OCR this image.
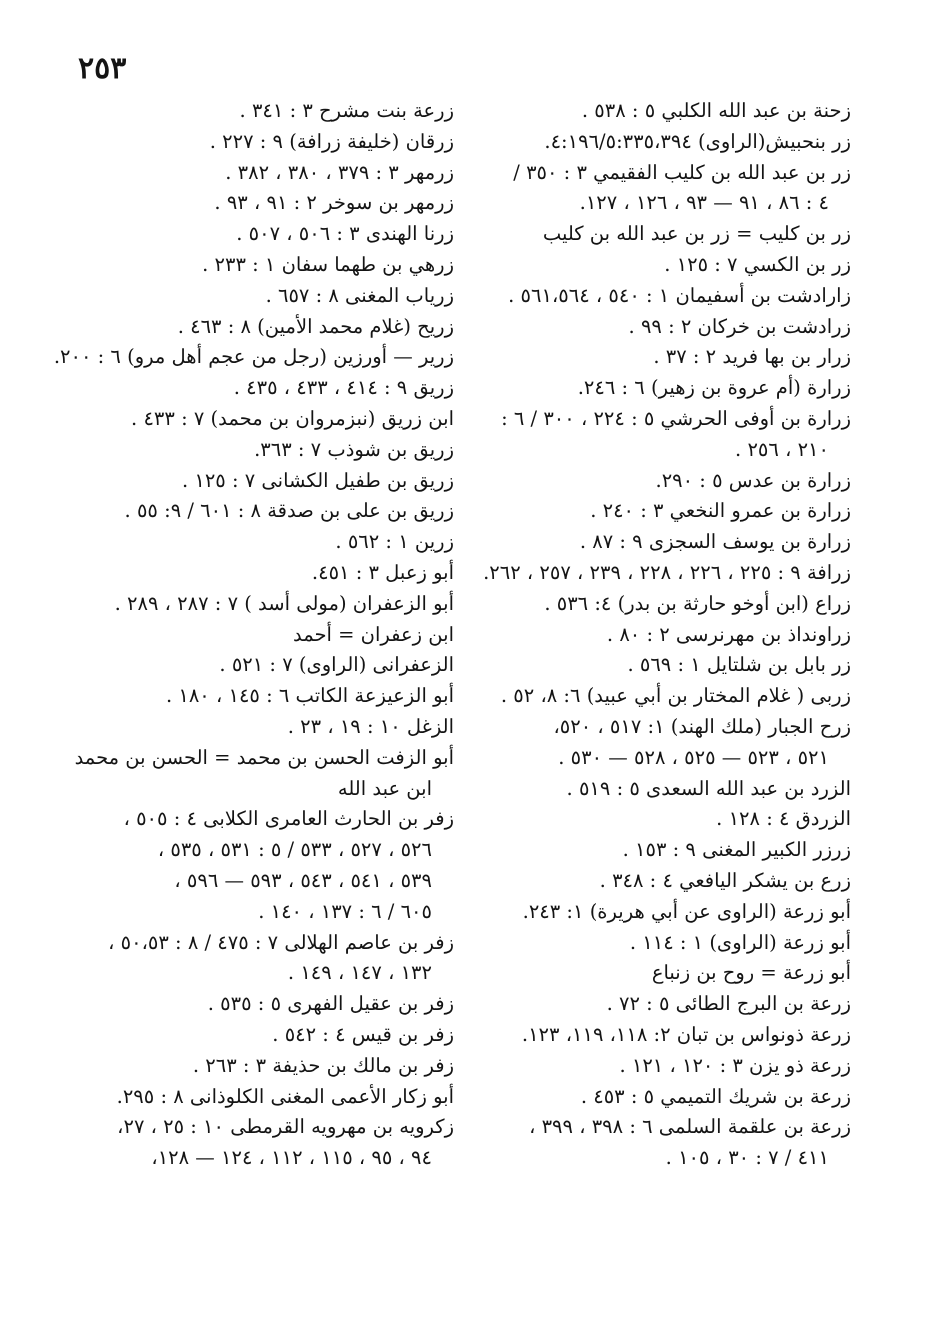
٢٥٣
زحنة بن عبد الله الكلبي ٥ : ٥٣٨ .
زر بنحبيش(الراوى) ٤:١٩٦/٥:٣٣٥،٣٩٤.
زر بن عبد الله بن كليب الفقيمي ٣ : ٣٥٠ /
٤ : ٨٦ ، ٩١ — ٩٣ ، ١٢٦ ، ١٢٧.
زر بن كليب = زر بن عبد الله بن كليب
زر بن الكسي ٧ : ١٢٥ .
زارادشت بن أسفيمان ١ : ٥٤٠ ، ٥٦١،٥٦٤ .
زرادشت بن خركان ٢ : ٩٩ .
زرار بن بها فريد ٢ : ٣٧ .
زرارة (أم عروة بن زهير) ٦ : ٢٤٦.
زرارة بن أوفى الحرشي ٥ : ٢٢٤ ، ٣٠٠ / ٦ :
٢١٠ ، ٢٥٦ .
زرارة بن عدس ٥ : ٢٩٠.
زرارة بن عمرو النخعي ٣ : ٢٤٠ .
زرارة بن يوسف السجزى ٩ : ٨٧ .
زرافة ٩ : ٢٢٥ ، ٢٢٦ ، ٢٢٨ ، ٢٣٩ ، ٢٥٧ ، ٢٦٢.
زراع (ابن أوخو حارثة بن بدر) ٤: ٥٣٦ .
زراونداذ بن مهرنرسى ٢ : ٨٠ .
زر بابل بن شلتايل ١ : ٥٦٩ .
زربى ( غلام المختار بن أبي عبيد) ٦: ٨، ٥٢ .
زرح الجبار (ملك الهند) ١: ٥١٧ ، ٥٢٠،
٥٢١ ، ٥٢٣ — ٥٢٥ ، ٥٢٨ — ٥٣٠ .
الزرد بن عبد الله السعدى ٥ : ٥١٩ .
الزردق ٤ : ١٢٨ .
زرزر الكبير المغنى ٩ : ١٥٣ .
زرع بن يشكر اليافعي ٤ : ٣٤٨ .
أبو زرعة (الراوى عن أبي هريرة) ١: ٢٤٣.
أبو زرعة (الراوى) ١ : ١١٤ .
أبو زرعة = روح بن زنباع
زرعة بن البرج الطائى ٥ : ٧٢ .
زرعة ذونواس بن تبان ٢: ١١٨، ١١٩، ١٢٣.
زرعة ذو يزن ٣ : ١٢٠ ، ١٢١ .
زرعة بن شريك التميمي ٥ : ٤٥٣ .
زرعة بن علقمة السلمى ٦ : ٣٩٨ ، ٣٩٩ ،
٤١١ / ٧ : ٣٠ ، ١٠٥ .
زرعة بنت مشرح ٣ : ٣٤١ .
زرقان (خليفة زرافة) ٩ : ٢٢٧ .
زرمهر ٣ : ٣٧٩ ، ٣٨٠ ، ٣٨٢ .
زرمهر بن سوخر ٢ : ٩١ ، ٩٣ .
زرنا الهندى ٣ : ٥٠٦ ، ٥٠٧ .
زرهي بن طهما سفان ١ : ٢٣٣ .
زرياب المغنى ٨ : ٦٥٧ .
زريح (غلام محمد الأمين) ٨ : ٤٦٣ .
زرير — أورزين (رجل من عجم أهل مرو) ٦ : ٢٠٠.
زريق ٩ : ٤١٤ ، ٤٣٣ ، ٤٣٥ .
ابن زريق (نبزمروان بن محمد) ٧ : ٤٣٣ .
زريق بن شوذب ٧ : ٣٦٣.
زريق بن طفيل الكشانى ٧ : ١٢٥ .
زريق بن على بن صدقة ٨ : ٦٠١ / ٩: ٥٥ .
زرين ١ : ٥٦٢ .
أبو زعبل ٣ : ٤٥١.
أبو الزعفران (مولى أسد ) ٧ : ٢٨٧ ، ٢٨٩ .
ابن زعفران = أحمد
الزعفرانى (الراوى) ٧ : ٥٢١ .
أبو الزعيزعة الكاتب ٦ : ١٤٥ ، ١٨٠ .
الزغل ١٠ : ١٩ ، ٢٣ .
أبو الزفت الحسن بن محمد = الحسن بن محمد
ابن عبد الله
زفر بن الحارث العامرى الكلابى ٤ : ٥٠٥ ،
٥٢٦ ، ٥٢٧ ، ٥٣٣ / ٥ : ٥٣١ ، ٥٣٥ ،
٥٣٩ ، ٥٤١ ، ٥٤٣ ، ٥٩٣ — ٥٩٦ ،
٦٠٥ / ٦ : ١٣٧ ، ١٤٠ .
زفر بن عاصم الهلالى ٧ : ٤٧٥ / ٨ : ٥٠،٥٣ ،
١٣٢ ، ١٤٧ ، ١٤٩ .
زفر بن عقيل الفهرى ٥ : ٥٣٥ .
زفر بن قيس ٤ : ٥٤٢ .
زفر بن مالك بن حذيفة ٣ : ٢٦٣ .
أبو زكار الأعمى المغنى الكلوذانى ٨ : ٢٩٥.
زكرويه بن مهرويه القرمطى ١٠ : ٢٥ ، ٢٧،
٩٤ ، ٩٥ ، ١١٥ ، ١١٢ ، ١٢٤ — ١٢٨،
